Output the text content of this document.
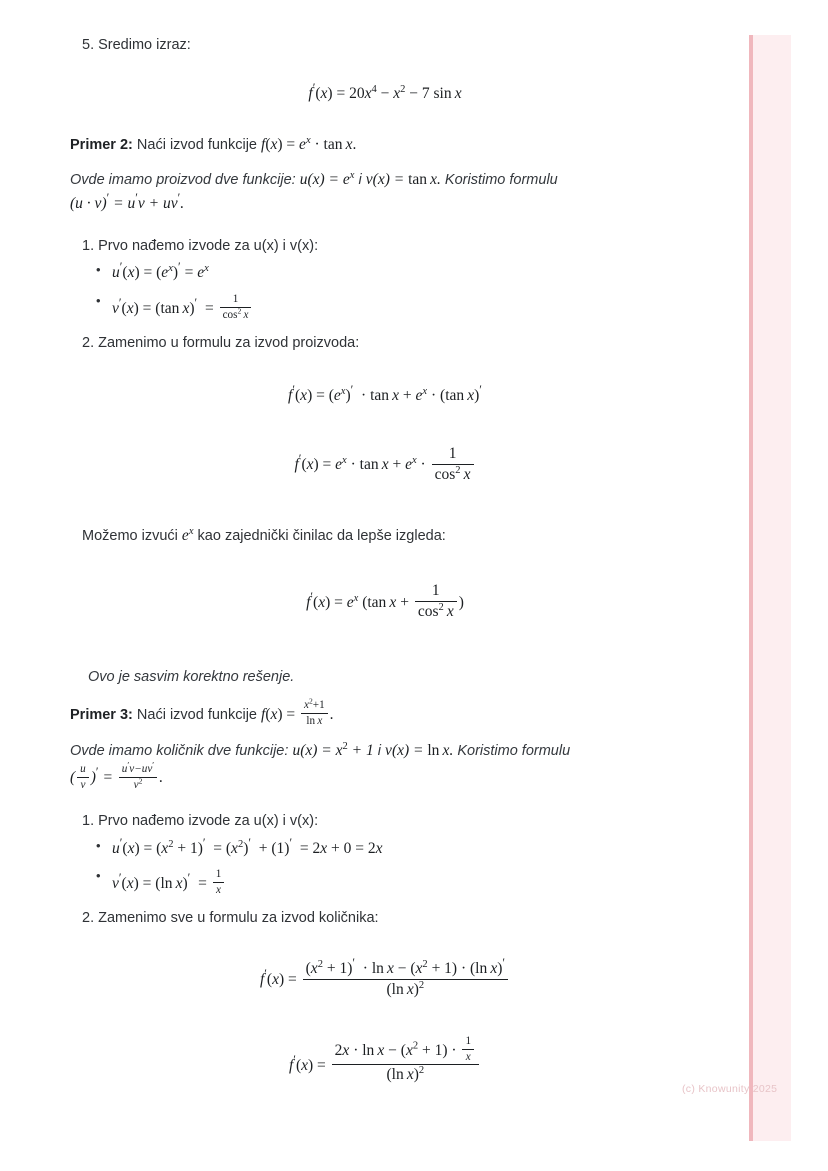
5. Sredimo izraz:

$f'(x) = 20x^4 - x^2 - 7$ sin  x

Primer 2: Naći izvod funkcije $f(x) = e^x \cdot \tan x$.

Ovde imamo proizvod dve funkcije: $u(x) = e^x$ i v(x) = tan  x. Koristimo formulu
(u · v)′ = u′v + uv′.

1. Prvo nađemo izvode za u(x) i v(x):

• $u'(x) = (e^x)' = e^x$
• v′(x) = (tan  $x)' = \frac{1}{\cos^2 x}$

2. Zamenimo u formulu za izvod proizvoda:

$f'(x) = (e^x)' \cdot \tan x + e^x \cdot (\tan$  x)′
$f'(x) = e^x \cdot \tan x + e^x \cdot \frac{1}{\cos^2 x}$

Možemo izvući $e^x$ kao zajednički činilac da lepše izgleda:

$f'(x) = e^x$ (tan  $x + \frac{1}{\cos^2 x}$ )

Ovo je sasvim korektno rešenje.

Primer 3: Naći izvod funkcije $f(x) = \frac{x^2+1}{\text{ln  x}}$ .

Ovde imamo količnik dve funkcije: $u(x) = x^2 + 1$ i v(x) = ln  x. Koristimo formulu
( $\frac{u}{v} )' = \frac{u'v-uv'}{v^2}$ .

1. Prvo nađemo izvode za u(x) i v(x):

• $u'(x) = (x^2 + 1)' = (x^2)' + (1)' = 2x + 0 = 2x$
• v′(x) = (ln  $x)' = \frac{1}{x}$

2. Zamenimo sve u formulu za izvod količnika:

$f'(x) = \frac{(x^2 + 1)' \cdot \ln x - (x^2 + 1) \cdot (\ln x)'}{(\ln x)^2}$
$f'(x) = \frac{2x \cdot \ln x - (x^2 + 1) \cdot \frac{1}{x}}{(\ln x)^2}$
(c) Knowunity 2025
